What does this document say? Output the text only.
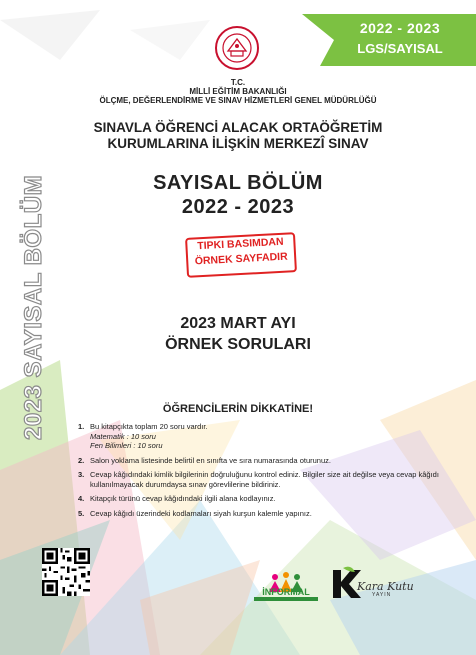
2022 - 2023
LGS/SAYISAL
T.C.
MİLLİ EĞİTİM BAKANLIĞI
ÖLÇME, DEĞERLENDİRME VE SINAV HİZMETLERİ GENEL MÜDÜRLÜĞÜ
SINAVLA ÖĞRENCİ ALACAK ORTAÖĞRETİM
KURUMLARINA İLİŞKİN MERKEZÎ SINAV
SAYISAL BÖLÜM
2022 - 2023
TIPKI BASIMDAN
ÖRNEK SAYFADIR
2023 MART AYI
ÖRNEK SORULARI
2023 SAYISAL BÖLÜM	ÖĞRENCİLERİN DİKKATİNE!
1. Bu kitapçıkta toplam 20 soru vardır.
Matematik : 10 soru
Fen Bilimleri : 10 soru
2. Salon yoklama listesinde belirtil en sınıfta ve sıra numarasında oturunuz.
3. Cevap kâğıdındaki kimlik bilgilerinin doğruluğunu kontrol ediniz. Bilgiler size ait değilse veya cevap kâğıdı kullanılmayacak durumdaysa sınav görevlilerine bildiriniz.
4. Kitapçık türünü cevap kâğıdındaki ilgili alana kodlayınız.
5. Cevap kâğıdı üzerindeki kodlamaları siyah kurşun kalemle yapınız.
İNFORMAL	Kara Kutu
YAYIN
